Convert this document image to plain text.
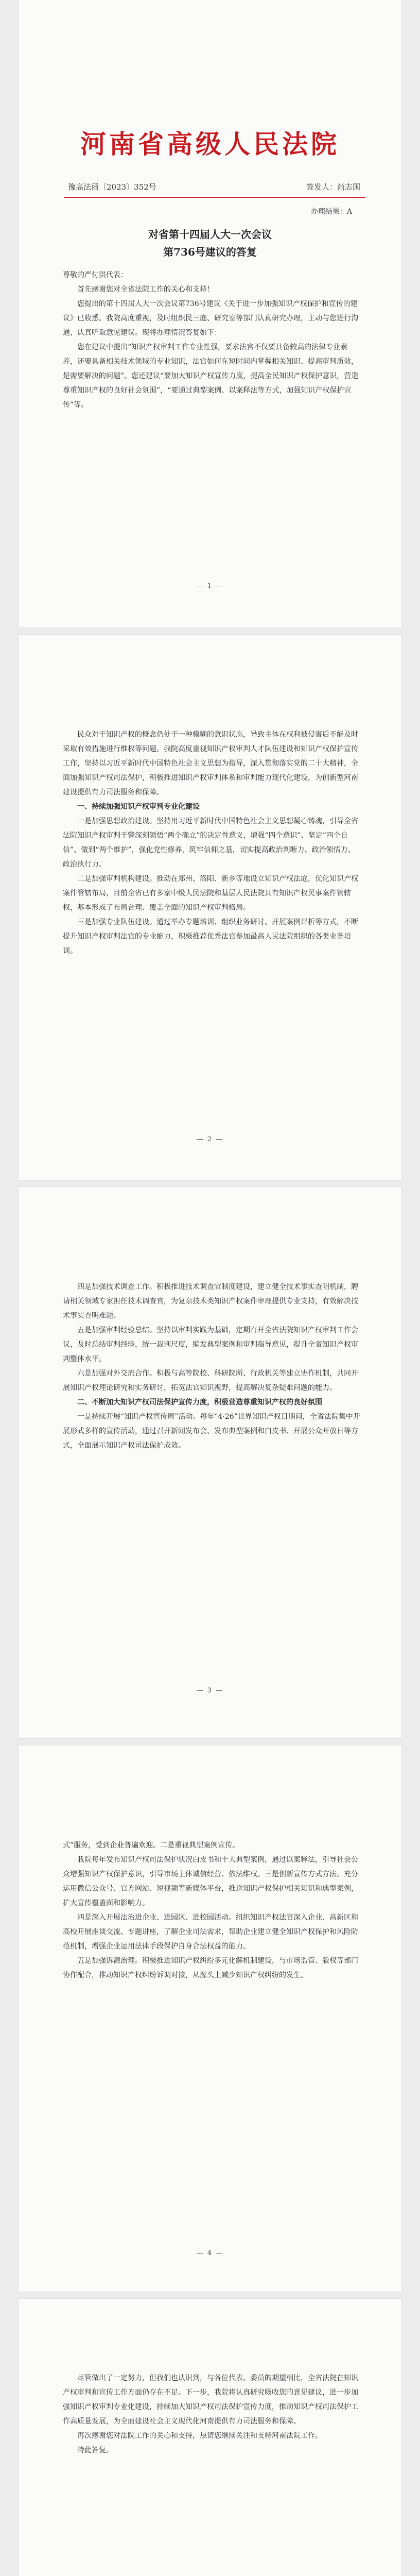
河南省高级人民法院
豫高法函〔2023〕352号	签发人：尚志国
办理结果：A
对省第十四届人大一次会议
第736号建议的答复

尊敬的严付洪代表：

首先感谢您对全省法院工作的关心和支持！

您提出的第十四届人大一次会议第736号建议《关于进一步加强知识产权保护和宣传的建议》已收悉。我院高度重视，及时组织民三庭、研究室等部门认真研究办理，主动与您进行沟通，认真听取意见建议。现将办理情况答复如下：

您在建议中提出“知识产权审判工作专业性强，要求法官不仅要具备较高的法律专业素养，还要具备相关技术领域的专业知识，法官如何在短时间内掌握相关知识、提高审判质效，是需要解决的问题”。您还建议“要加大知识产权宣传力度，提高全民知识产权保护意识，营造尊重知识产权的良好社会氛围”，“要通过典型案例、以案释法等方式，加强知识产权保护宣传”等。

— 1 —

民众对于知识产权的概念仍处于一种模糊的意识状态，导致主体在权利被侵害后不能及时采取有效措施进行维权等问题。我院高度重视知识产权审判人才队伍建设和知识产权保护宣传工作，坚持以习近平新时代中国特色社会主义思想为指导，深入贯彻落实党的二十大精神，全面加强知识产权司法保护，积极推进知识产权审判体系和审判能力现代化建设，为创新型河南建设提供有力司法服务和保障。

一、持续加强知识产权审判专业化建设

一是加强思想政治建设。坚持用习近平新时代中国特色社会主义思想凝心铸魂，引导全省法院知识产权审判干警深刻领悟“两个确立”的决定性意义，增强“四个意识”、坚定“四个自信”、做到“两个维护”，强化党性修养，筑牢信仰之基，切实提高政治判断力、政治领悟力、政治执行力。

二是加强审判机构建设。推动在郑州、洛阳、新乡等地设立知识产权法庭，优化知识产权案件管辖布局，目前全省已有多家中级人民法院和基层人民法院具有知识产权民事案件管辖权，基本形成了布局合理、覆盖全面的知识产权审判格局。

三是加强专业队伍建设。通过举办专题培训、组织业务研讨、开展案例评析等方式，不断提升知识产权审判法官的专业能力，积极推荐优秀法官参加最高人民法院组织的各类业务培训。

— 2 —

四是加强技术调查工作。积极推进技术调查官制度建设，建立健全技术事实查明机制，聘请相关领域专家担任技术调查官，为复杂技术类知识产权案件审理提供专业支持，有效解决技术事实查明难题。

五是加强审判经验总结。坚持以审判实践为基础，定期召开全省法院知识产权审判工作会议，及时总结审判经验，统一裁判尺度，编发典型案例和审判指导意见，提升全省知识产权审判整体水平。

六是加强对外交流合作。积极与高等院校、科研院所、行政机关等建立协作机制，共同开展知识产权理论研究和实务研讨，拓宽法官知识视野，提高解决复杂疑难问题的能力。

二、不断加大知识产权司法保护宣传力度，积极营造尊重知识产权的良好氛围

一是持续开展“知识产权宣传周”活动。每年“4·26”世界知识产权日期间，全省法院集中开展形式多样的宣传活动，通过召开新闻发布会、发布典型案例和白皮书、开展公众开放日等方式，全面展示知识产权司法保护成效。

— 3 —

式”服务，受到企业普遍欢迎。二是重视典型案例宣传。

我院每年发布知识产权司法保护状况白皮书和十大典型案例，通过以案释法，引导社会公众增强知识产权保护意识，引导市场主体诚信经营、依法维权。三是创新宣传方式方法。充分运用微信公众号、官方网站、短视频等新媒体平台，推送知识产权保护相关知识和典型案例，扩大宣传覆盖面和影响力。

四是深入开展法治进企业、进园区、进校园活动。组织知识产权法官深入企业、高新区和高校开展座谈交流、专题讲座，了解企业司法需求，帮助企业建立健全知识产权保护和风险防范机制，增强企业运用法律手段保护自身合法权益的能力。

五是加强诉源治理。积极推进知识产权纠纷多元化解机制建设，与市场监管、版权等部门协作配合，推动知识产权纠纷诉调对接，从源头上减少知识产权纠纷的发生。

— 4 —

尽管做出了一定努力，但我们也认识到，与各位代表、委员的期望相比，全省法院在知识产权审判和宣传工作方面仍存在不足。下一步，我院将认真研究吸收您的意见建议，进一步加强知识产权审判专业化建设，持续加大知识产权司法保护宣传力度，推动知识产权司法保护工作高质量发展，为全面建设社会主义现代化河南提供有力司法服务和保障。

再次感谢您对法院工作的关心和支持，恳请您继续关注和支持河南法院工作。

特此答复。
